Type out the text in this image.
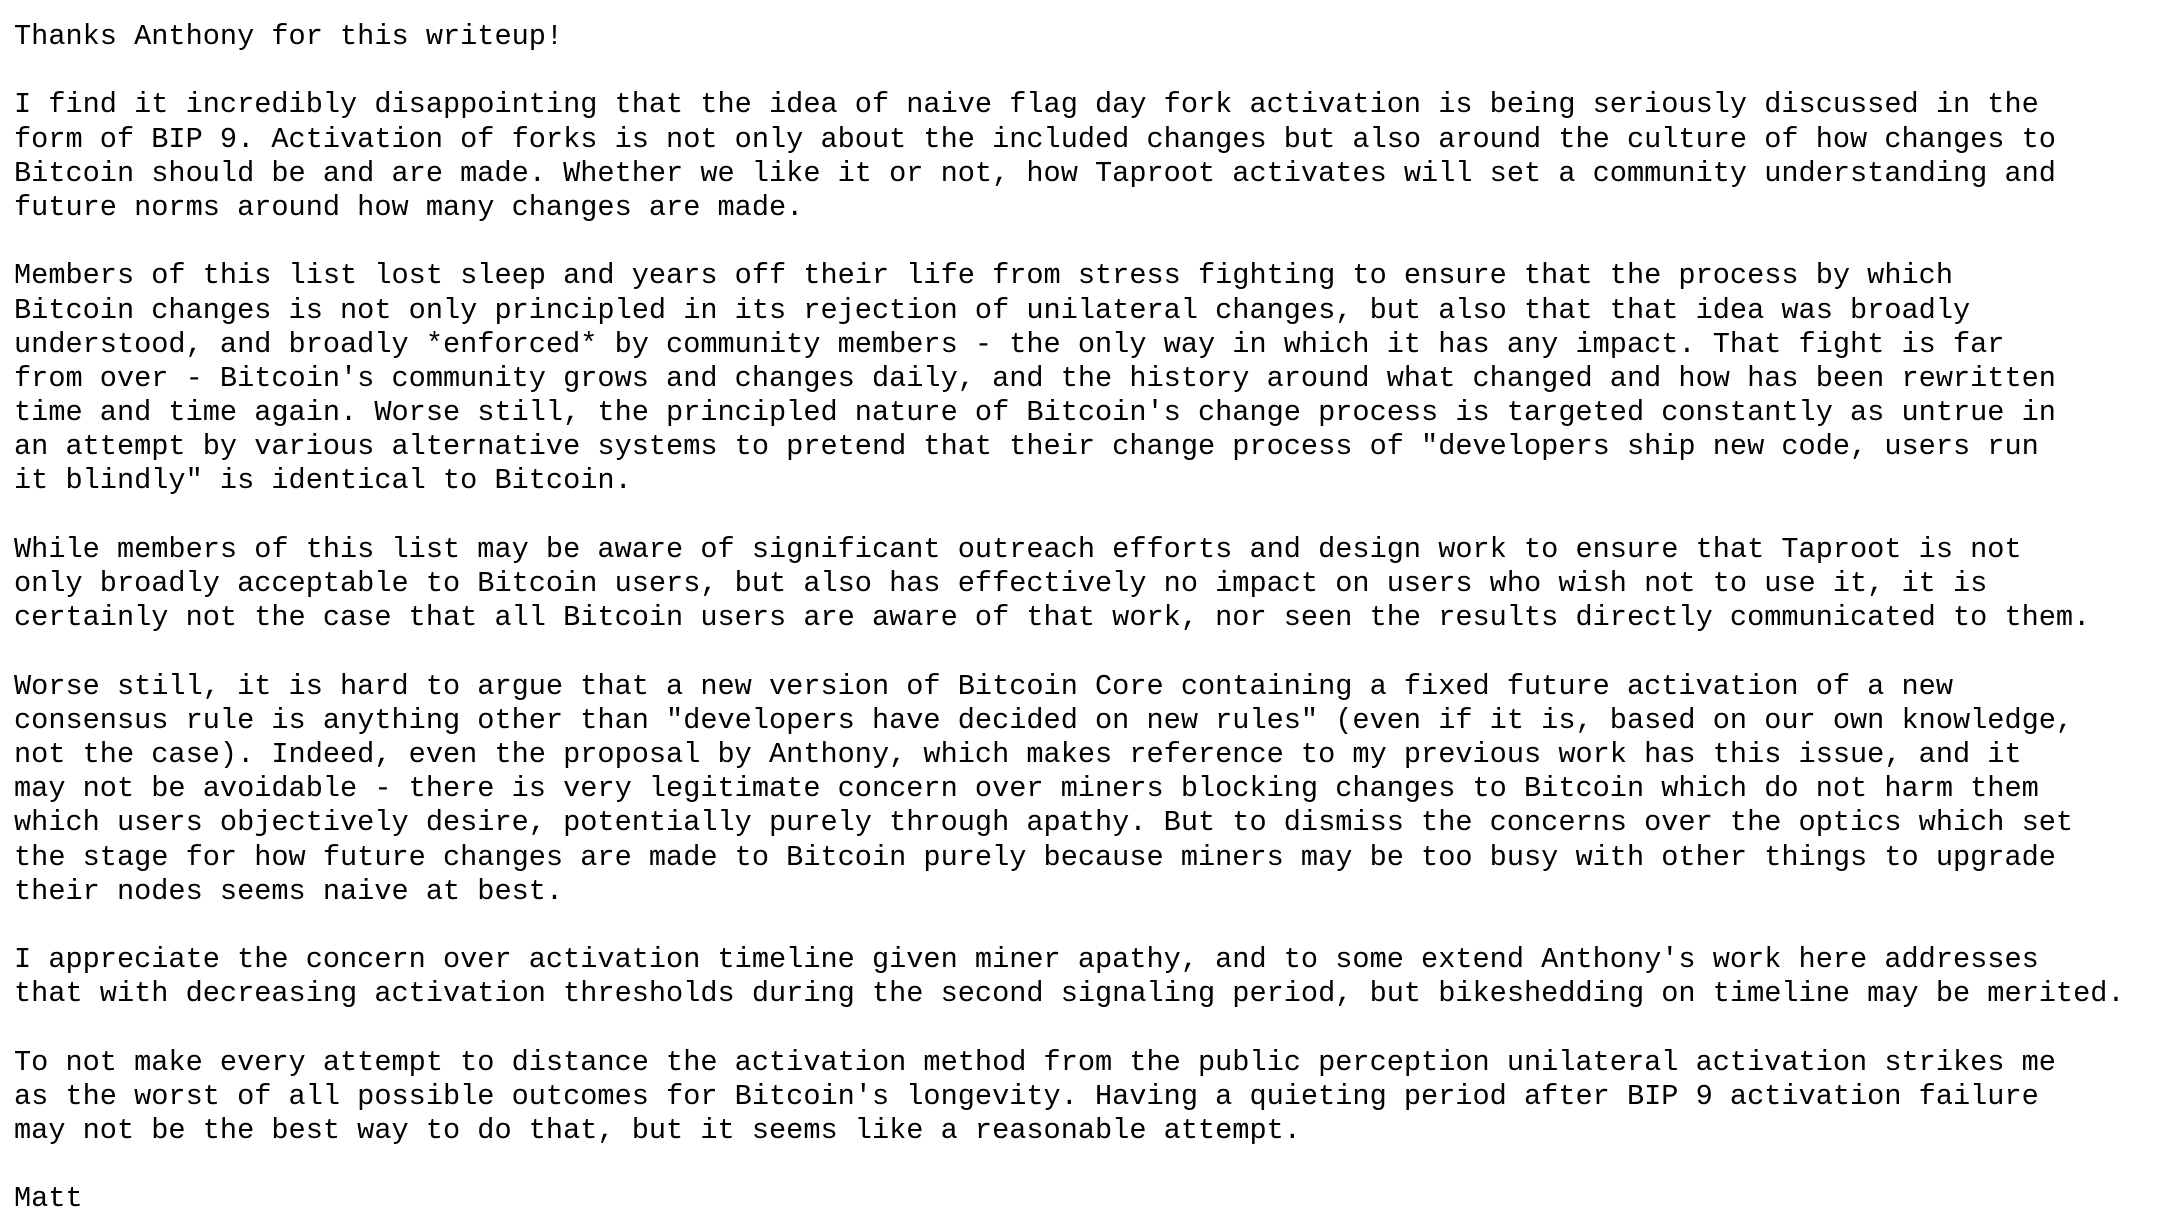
Thanks Anthony for this writeup!
I find it incredibly disappointing that the idea of naive flag day fork activation is being seriously discussed in the
form of BIP 9. Activation of forks is not only about the included changes but also around the culture of how changes to
Bitcoin should be and are made. Whether we like it or not, how Taproot activates will set a community understanding and
future norms around how many changes are made.
Members of this list lost sleep and years off their life from stress fighting to ensure that the process by which
Bitcoin changes is not only principled in its rejection of unilateral changes, but also that that idea was broadly
understood, and broadly *enforced* by community members - the only way in which it has any impact. That fight is far
from over - Bitcoin's community grows and changes daily, and the history around what changed and how has been rewritten
time and time again. Worse still, the principled nature of Bitcoin's change process is targeted constantly as untrue in
an attempt by various alternative systems to pretend that their change process of "developers ship new code, users run
it blindly" is identical to Bitcoin.
While members of this list may be aware of significant outreach efforts and design work to ensure that Taproot is not
only broadly acceptable to Bitcoin users, but also has effectively no impact on users who wish not to use it, it is
certainly not the case that all Bitcoin users are aware of that work, nor seen the results directly communicated to them.
Worse still, it is hard to argue that a new version of Bitcoin Core containing a fixed future activation of a new
consensus rule is anything other than "developers have decided on new rules" (even if it is, based on our own knowledge,
not the case). Indeed, even the proposal by Anthony, which makes reference to my previous work has this issue, and it
may not be avoidable - there is very legitimate concern over miners blocking changes to Bitcoin which do not harm them
which users objectively desire, potentially purely through apathy. But to dismiss the concerns over the optics which set
the stage for how future changes are made to Bitcoin purely because miners may be too busy with other things to upgrade
their nodes seems naive at best.
I appreciate the concern over activation timeline given miner apathy, and to some extend Anthony's work here addresses
that with decreasing activation thresholds during the second signaling period, but bikeshedding on timeline may be merited.
To not make every attempt to distance the activation method from the public perception unilateral activation strikes me
as the worst of all possible outcomes for Bitcoin's longevity. Having a quieting period after BIP 9 activation failure
may not be the best way to do that, but it seems like a reasonable attempt.
Matt
